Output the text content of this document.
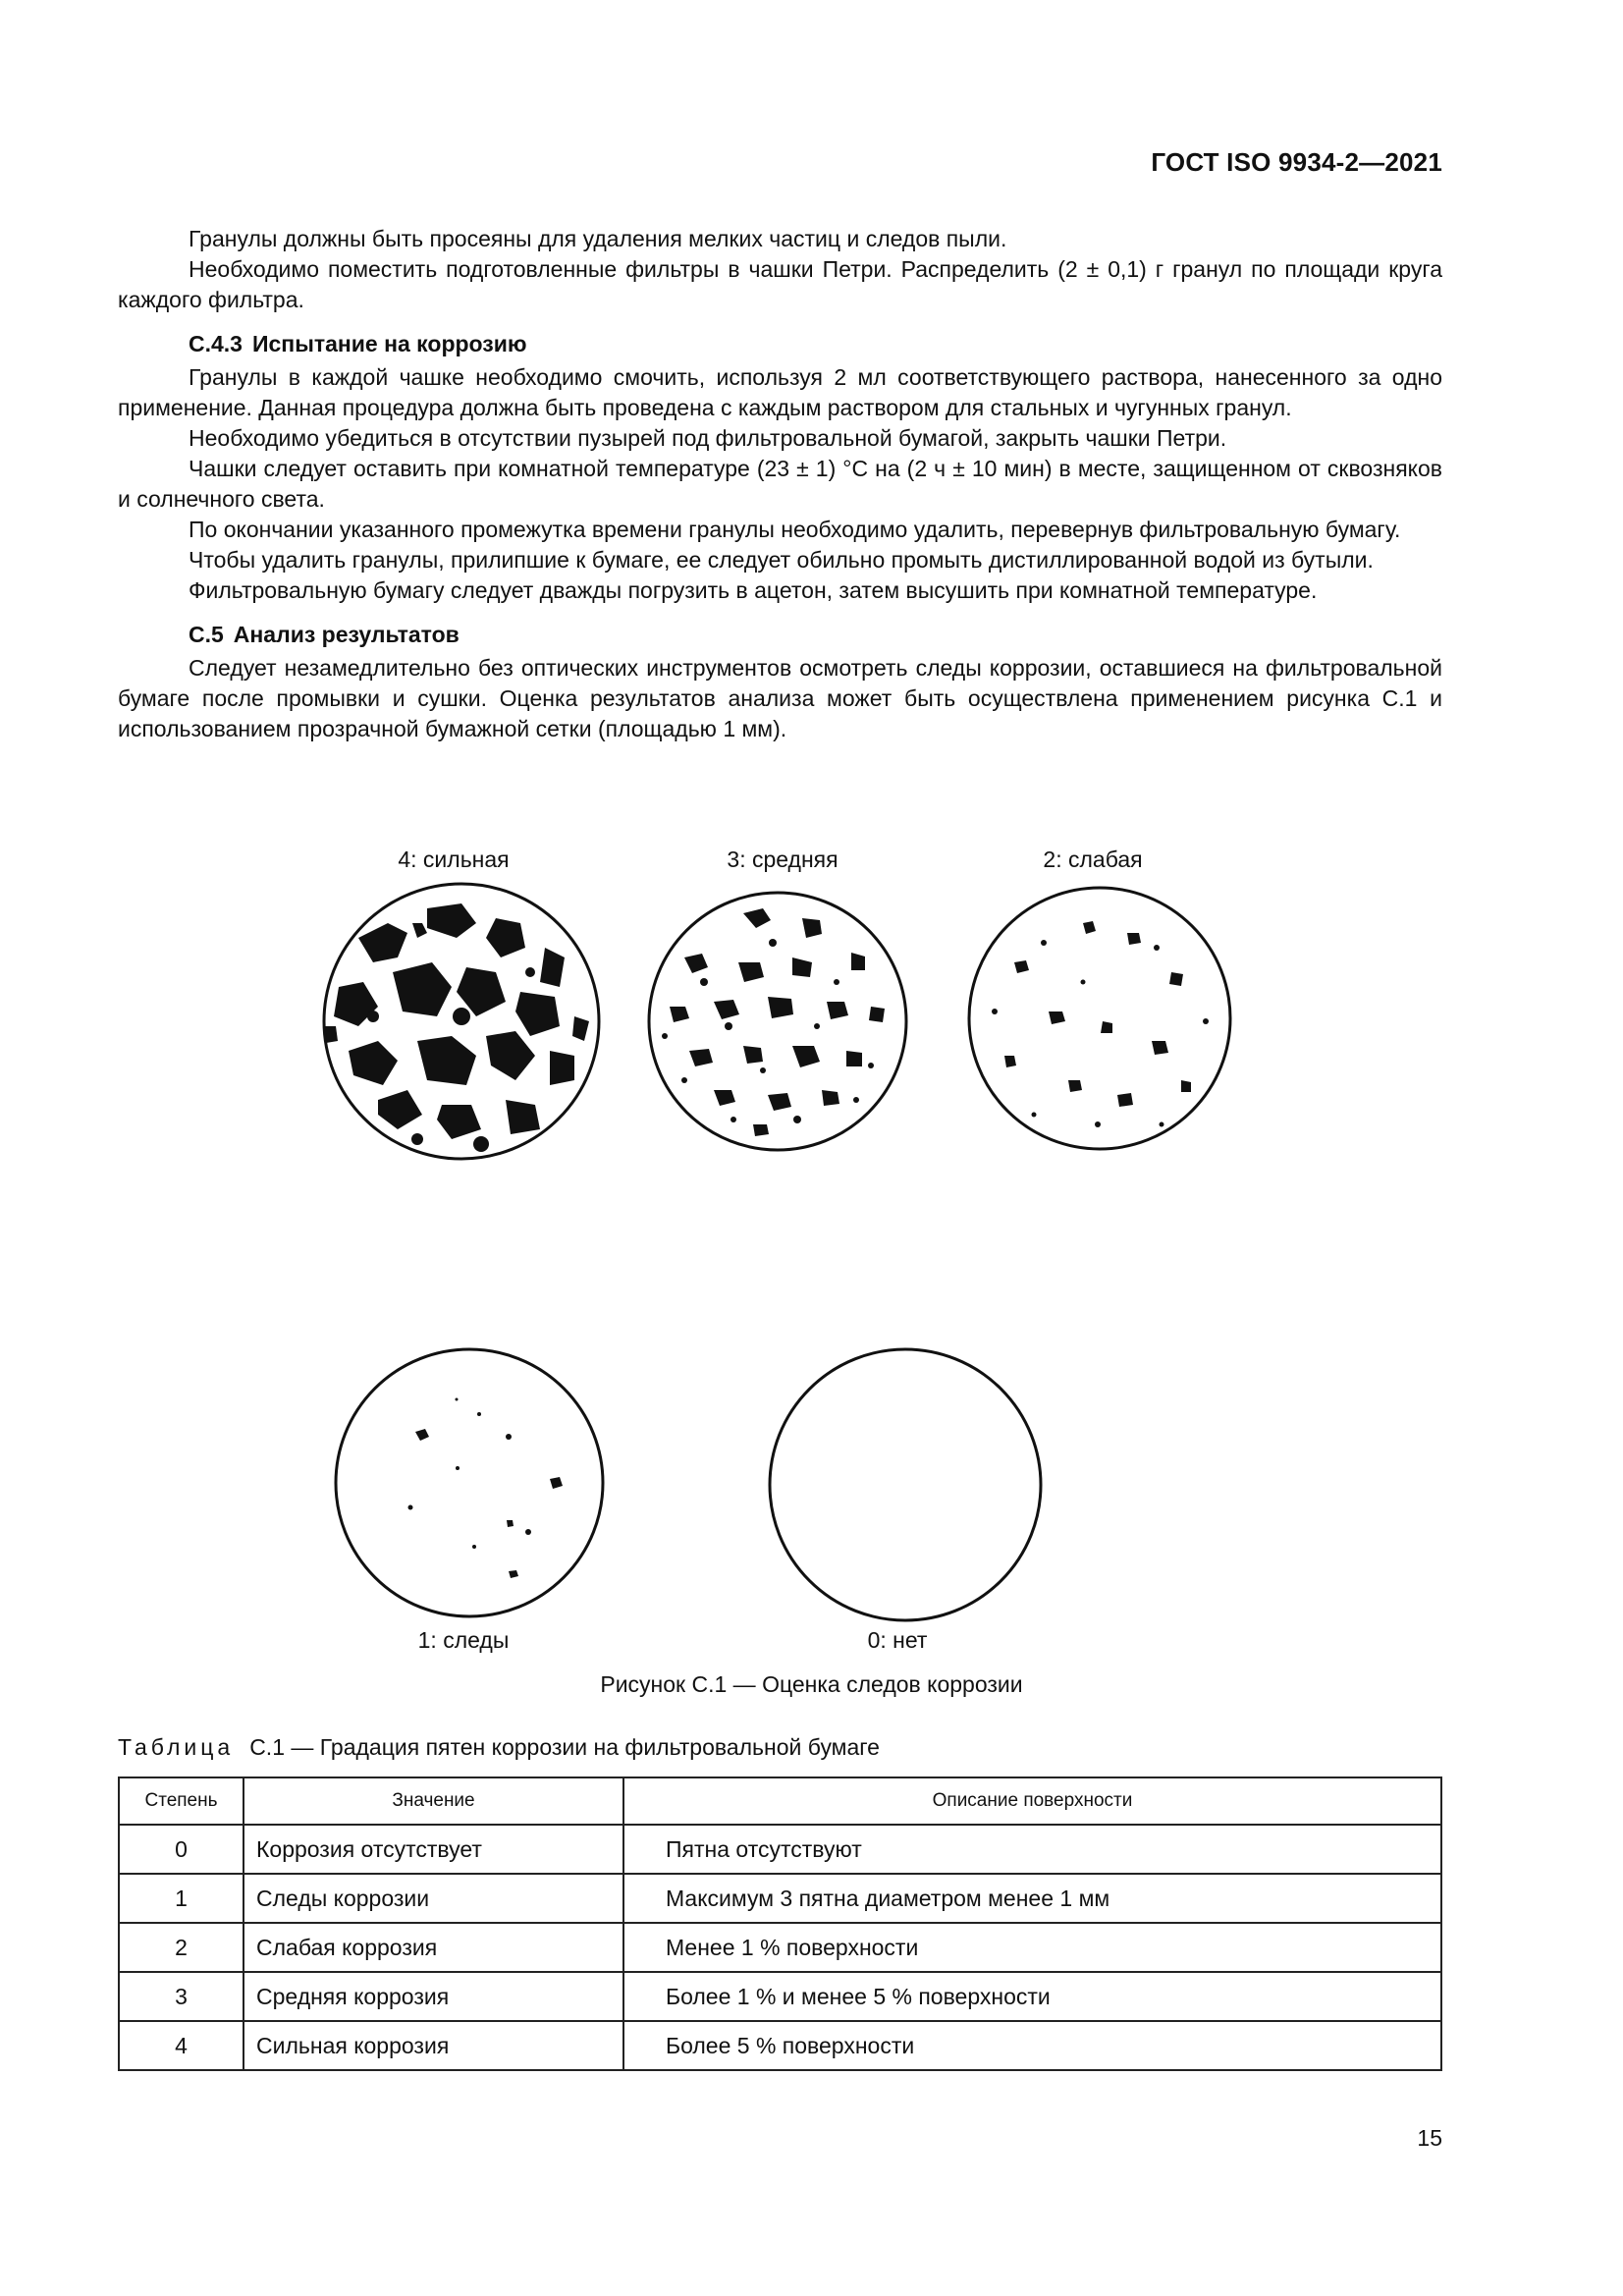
ГОСТ ISO 9934-2—2021

Гранулы должны быть просеяны для удаления мелких частиц и следов пыли.

Необходимо поместить подготовленные фильтры в чашки Петри. Распределить (2 ± 0,1) г гранул по площади круга каждого фильтра.

С.4.3 Испытание на коррозию

Гранулы в каждой чашке необходимо смочить, используя 2 мл соответствующего раствора, нанесенного за одно применение. Данная процедура должна быть проведена с каждым раствором для стальных и чугунных гранул.

Необходимо убедиться в отсутствии пузырей под фильтровальной бумагой, закрыть чашки Петри.

Чашки следует оставить при комнатной температуре (23 ± 1) °С на (2 ч ± 10 мин) в месте, защищенном от сквозняков и солнечного света.

По окончании указанного промежутка времени гранулы необходимо удалить, перевернув фильтровальную бумагу.

Чтобы удалить гранулы, прилипшие к бумаге, ее следует обильно промыть дистиллированной водой из бутыли.

Фильтровальную бумагу следует дважды погрузить в ацетон, затем высушить при комнатной температуре.

С.5 Анализ результатов

Следует незамедлительно без оптических инструментов осмотреть следы коррозии, оставшиеся на фильтровальной бумаге после промывки и сушки. Оценка результатов анализа может быть осуществлена применением рисунка С.1 и использованием прозрачной бумажной сетки (площадью 1 мм).

4: сильная	3: средняя	2: слабая
1: следы	0: нет
Рисунок С.1 — Оценка следов коррозии
Таблица С.1 — Градация пятен коррозии на фильтровальной бумаге
Степень	Значение	Описание поверхности
0	Коррозия отсутствует	Пятна отсутствуют
1	Следы коррозии	Максимум 3 пятна диаметром менее 1 мм
2	Слабая коррозия	Менее 1 % поверхности
3	Средняя коррозия	Более 1 % и менее 5 % поверхности
4	Сильная коррозия	Более 5 % поверхности
15
